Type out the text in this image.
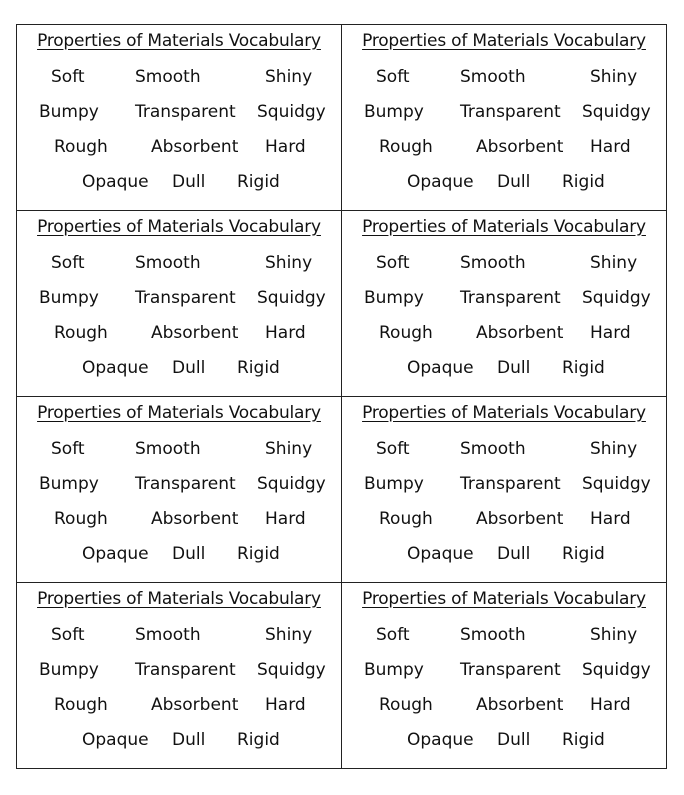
Properties of Materials Vocabulary
Soft	Smooth	Shiny
Bumpy Transparent Squidgy
Rough	Absorbent Hard
Opaque Dull Rigid
Properties of Materials Vocabulary
Soft	Smooth	Shiny
Bumpy Transparent Squidgy
Rough	Absorbent Hard
Opaque Dull Rigid
Properties of Materials Vocabulary
Soft	Smooth	Shiny
Bumpy Transparent Squidgy
Rough	Absorbent Hard
Opaque Dull Rigid
Properties of Materials Vocabulary
Soft	Smooth	Shiny
Bumpy Transparent Squidgy
Rough	Absorbent Hard
Opaque Dull Rigid
Properties of Materials Vocabulary
Soft	Smooth	Shiny
Bumpy Transparent Squidgy
Rough	Absorbent Hard
Opaque Dull Rigid
Properties of Materials Vocabulary
Soft	Smooth	Shiny
Bumpy Transparent Squidgy
Rough	Absorbent Hard
Opaque Dull Rigid
Properties of Materials Vocabulary
Soft	Smooth	Shiny
Bumpy Transparent Squidgy
Rough	Absorbent Hard
Opaque Dull Rigid
Properties of Materials Vocabulary
Soft	Smooth	Shiny
Bumpy Transparent Squidgy
Rough	Absorbent Hard
Opaque Dull Rigid
